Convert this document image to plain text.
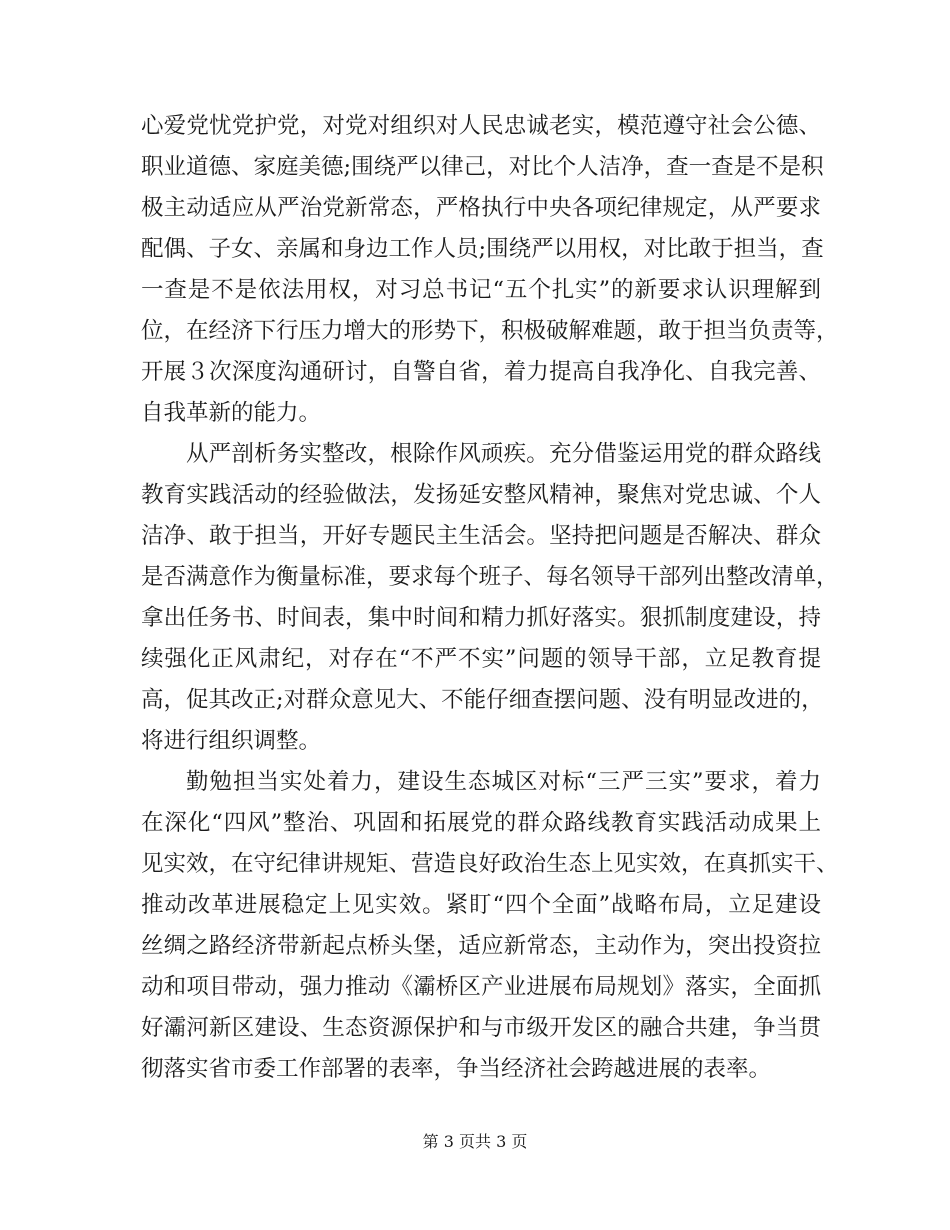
心爱党忧党护党，对党对组织对人民忠诚老实，模范遵守社会公德、
职业道德、家庭美德;围绕严以律己，对比个人洁净，查一查是不是积
极主动适应从严治党新常态，严格执行中央各项纪律规定，从严要求
配偶、子女、亲属和身边工作人员;围绕严以用权，对比敢于担当，查
一查是不是依法用权，对习总书记“五个扎实”的新要求认识理解到
位，在经济下行压力增大的形势下，积极破解难题，敢于担当负责等，
开展３次深度沟通研讨，自警自省，着力提高自我净化、自我完善、
自我革新的能力。
从严剖析务实整改，根除作风顽疾。充分借鉴运用党的群众路线
教育实践活动的经验做法，发扬延安整风精神，聚焦对党忠诚、个人
洁净、敢于担当，开好专题民主生活会。坚持把问题是否解决、群众
是否满意作为衡量标准，要求每个班子、每名领导干部列出整改清单，
拿出任务书、时间表，集中时间和精力抓好落实。狠抓制度建设，持
续强化正风肃纪，对存在“不严不实”问题的领导干部，立足教育提
高，促其改正;对群众意见大、不能仔细查摆问题、没有明显改进的，
将进行组织调整。
勤勉担当实处着力，建设生态城区对标“三严三实”要求，着力
在深化“四风”整治、巩固和拓展党的群众路线教育实践活动成果上
见实效，在守纪律讲规矩、营造良好政治生态上见实效，在真抓实干、
推动改革进展稳定上见实效。紧盯“四个全面”战略布局，立足建设
丝绸之路经济带新起点桥头堡，适应新常态，主动作为，突出投资拉
动和项目带动，强力推动《灞桥区产业进展布局规划》落实，全面抓
好灞河新区建设、生态资源保护和与市级开发区的融合共建，争当贯
彻落实省市委工作部署的表率，争当经济社会跨越进展的表率。
第 3 页共 3 页
